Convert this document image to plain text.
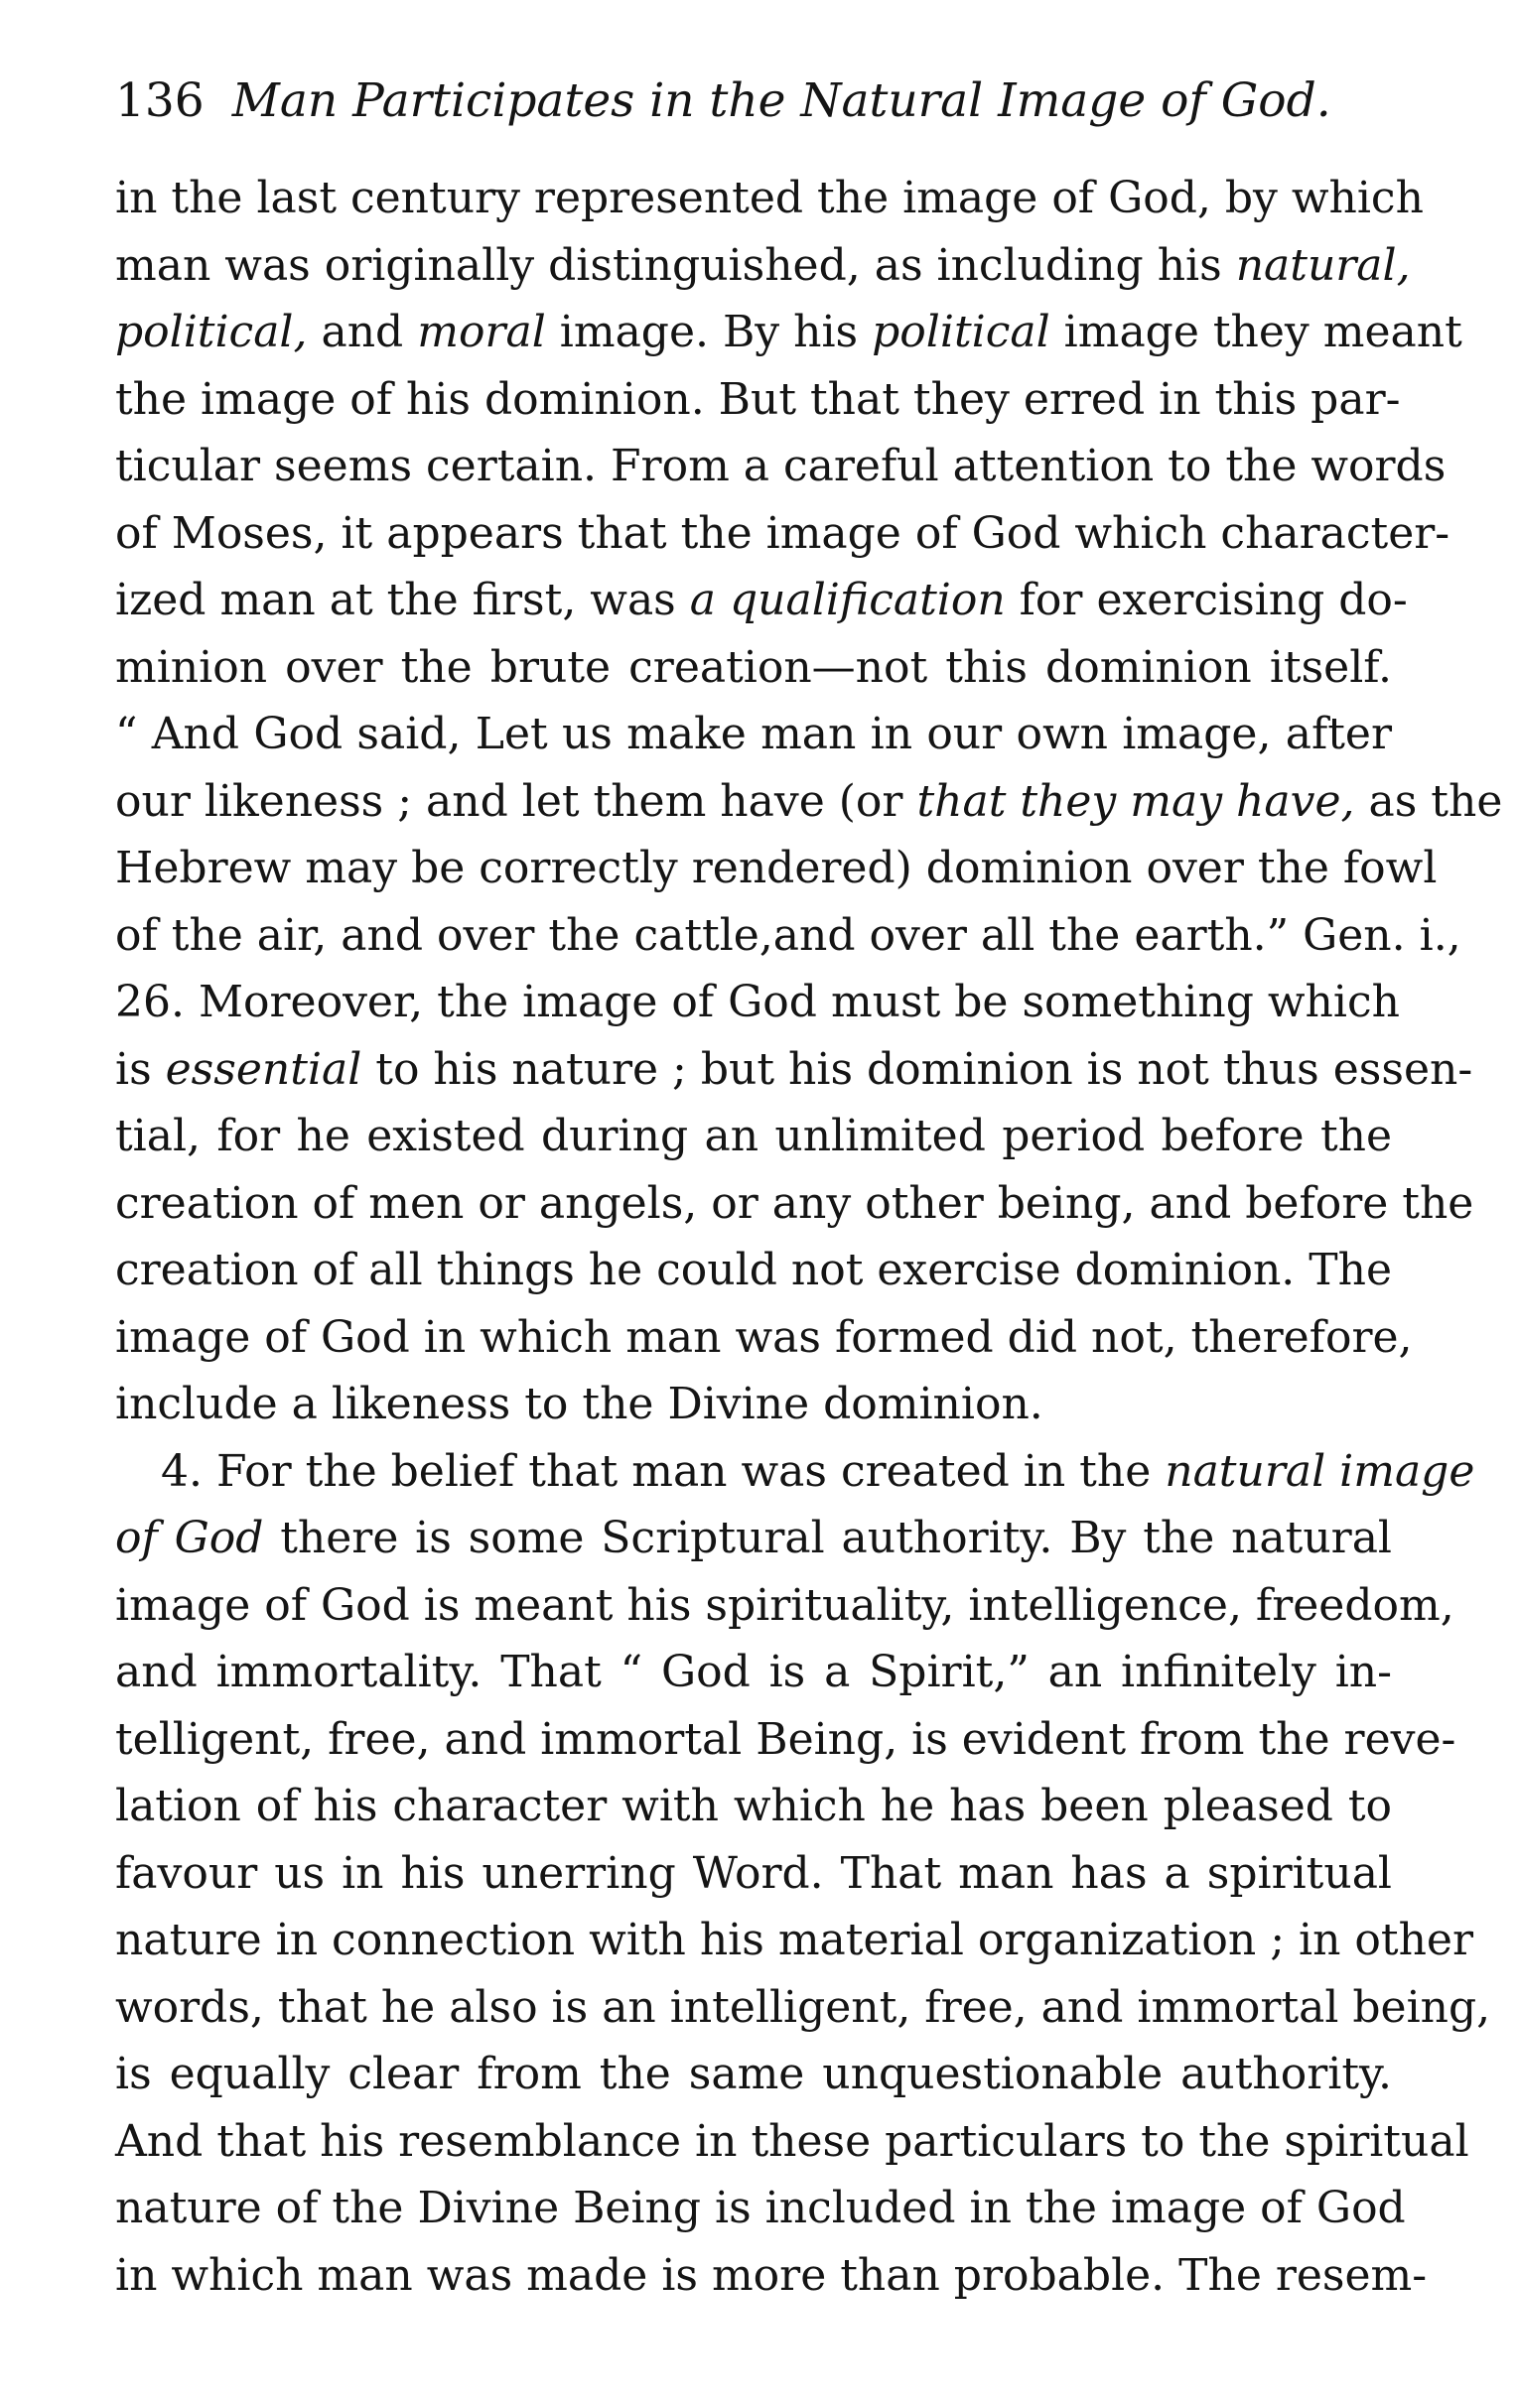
136 Man Participates in the Natural Image of God.
in the last century represented the image of God, by which
man was originally distinguished, as including his natural,
political, and moral image. By his political image they meant
the image of his dominion. But that they erred in this par-
ticular seems certain. From a careful attention to the words
of Moses, it appears that the image of God which character-
ized man at the first, was a qualification for exercising do-
minion over the brute creation—not this dominion itself.
“ And God said, Let us make man in our own image, after
our likeness ; and let them have (or that they may have, as the
Hebrew may be correctly rendered) dominion over the fowl
of the air, and over the cattle,and over all the earth.” Gen. i.,
26. Moreover, the image of God must be something which
is essential to his nature ; but his dominion is not thus essen-
tial, for he existed during an unlimited period before the
creation of men or angels, or any other being, and before the
creation of all things he could not exercise dominion. The
image of God in which man was formed did not, therefore,
include a likeness to the Divine dominion.
4. For the belief that man was created in the natural image
of God there is some Scriptural authority. By the natural
image of God is meant his spirituality, intelligence, freedom,
and immortality. That “ God is a Spirit,” an infinitely in-
telligent, free, and immortal Being, is evident from the reve-
lation of his character with which he has been pleased to
favour us in his unerring Word. That man has a spiritual
nature in connection with his material organization ; in other
words, that he also is an intelligent, free, and immortal being,
is equally clear from the same unquestionable authority.
And that his resemblance in these particulars to the spiritual
nature of the Divine Being is included in the image of God
in which man was made is more than probable. The resem-
